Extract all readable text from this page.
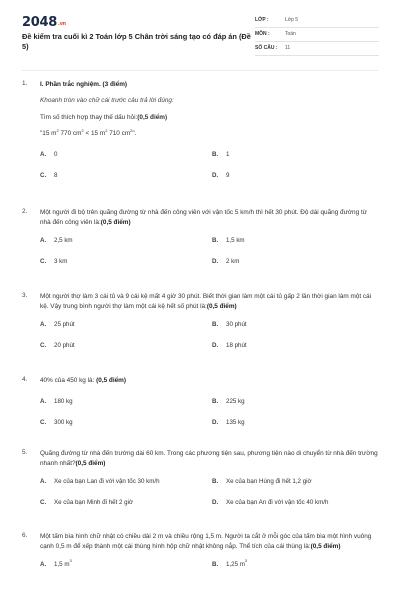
$2048^{.vn}$
Đề kiểm tra cuối kì 2 Toán lớp 5 Chân trời sáng tạo có đáp án (Đề 5)
LỚP :	Lớp 5
MÔN :	Toán
SỐ CÂU :	11
1. I. Phần trắc nghiệm. (3 điểm)
Khoanh tròn vào chữ cái trước câu trả lời đúng:
Tìm số thích hợp thay thế dấu hỏi:(0,5 điểm)
"15 $m^2$ 770 $cm^2 < 15$ $m^2$ 710 $cm^2$".
A.	0	B.	1
C.	8	D.	9
2. Một người đi bộ trên quãng đường từ nhà đến công viên với vận tốc 5 km/h thì hết 30 phút. Độ dài quãng đường từ nhà đến công viên là:(0,5 điểm)
A.	2,5 km	B.	1,5 km
C.	3 km	D.	2 km
3. Một người thợ làm 3 cái tủ và 9 cái kệ mất 4 giờ 30 phút. Biết thời gian làm một cái tủ gấp 2 lần thời gian làm một cái kệ. Vậy trung bình người thợ làm một cái kệ hết số phút là:(0,5 điểm)
A.	25 phút	B.	30 phút
C.	20 phút	D.	18 phút
4. 40% của 450 kg là: (0,5 điểm)
A.	180 kg	B.	225 kg
C.	300 kg	D.	135 kg
5. Quãng đường từ nhà đến trường dài 60 km. Trong các phương tiện sau, phương tiện nào di chuyển từ nhà đến trường nhanh nhất?(0,5 điểm)
A.	Xe của bạn Lan đi với vận tốc 30 km/h	B.	Xe của bạn Hùng đi hết 1,2 giờ
C.	Xe của bạn Minh đi hết 2 giờ	D.	Xe của bạn An đi với vận tốc 40 km/h
6. Một tấm bìa hình chữ nhật có chiều dài 2 m và chiều rộng 1,5 m. Người ta cắt ở mỗi góc của tấm bìa một hình vuông cạnh 0,5 m để xếp thành một cái thùng hình hộp chữ nhật không nắp. Thể tích của cái thùng là:(0,5 điểm)
A.	1,5 m
3
B.	1,25 m
3
